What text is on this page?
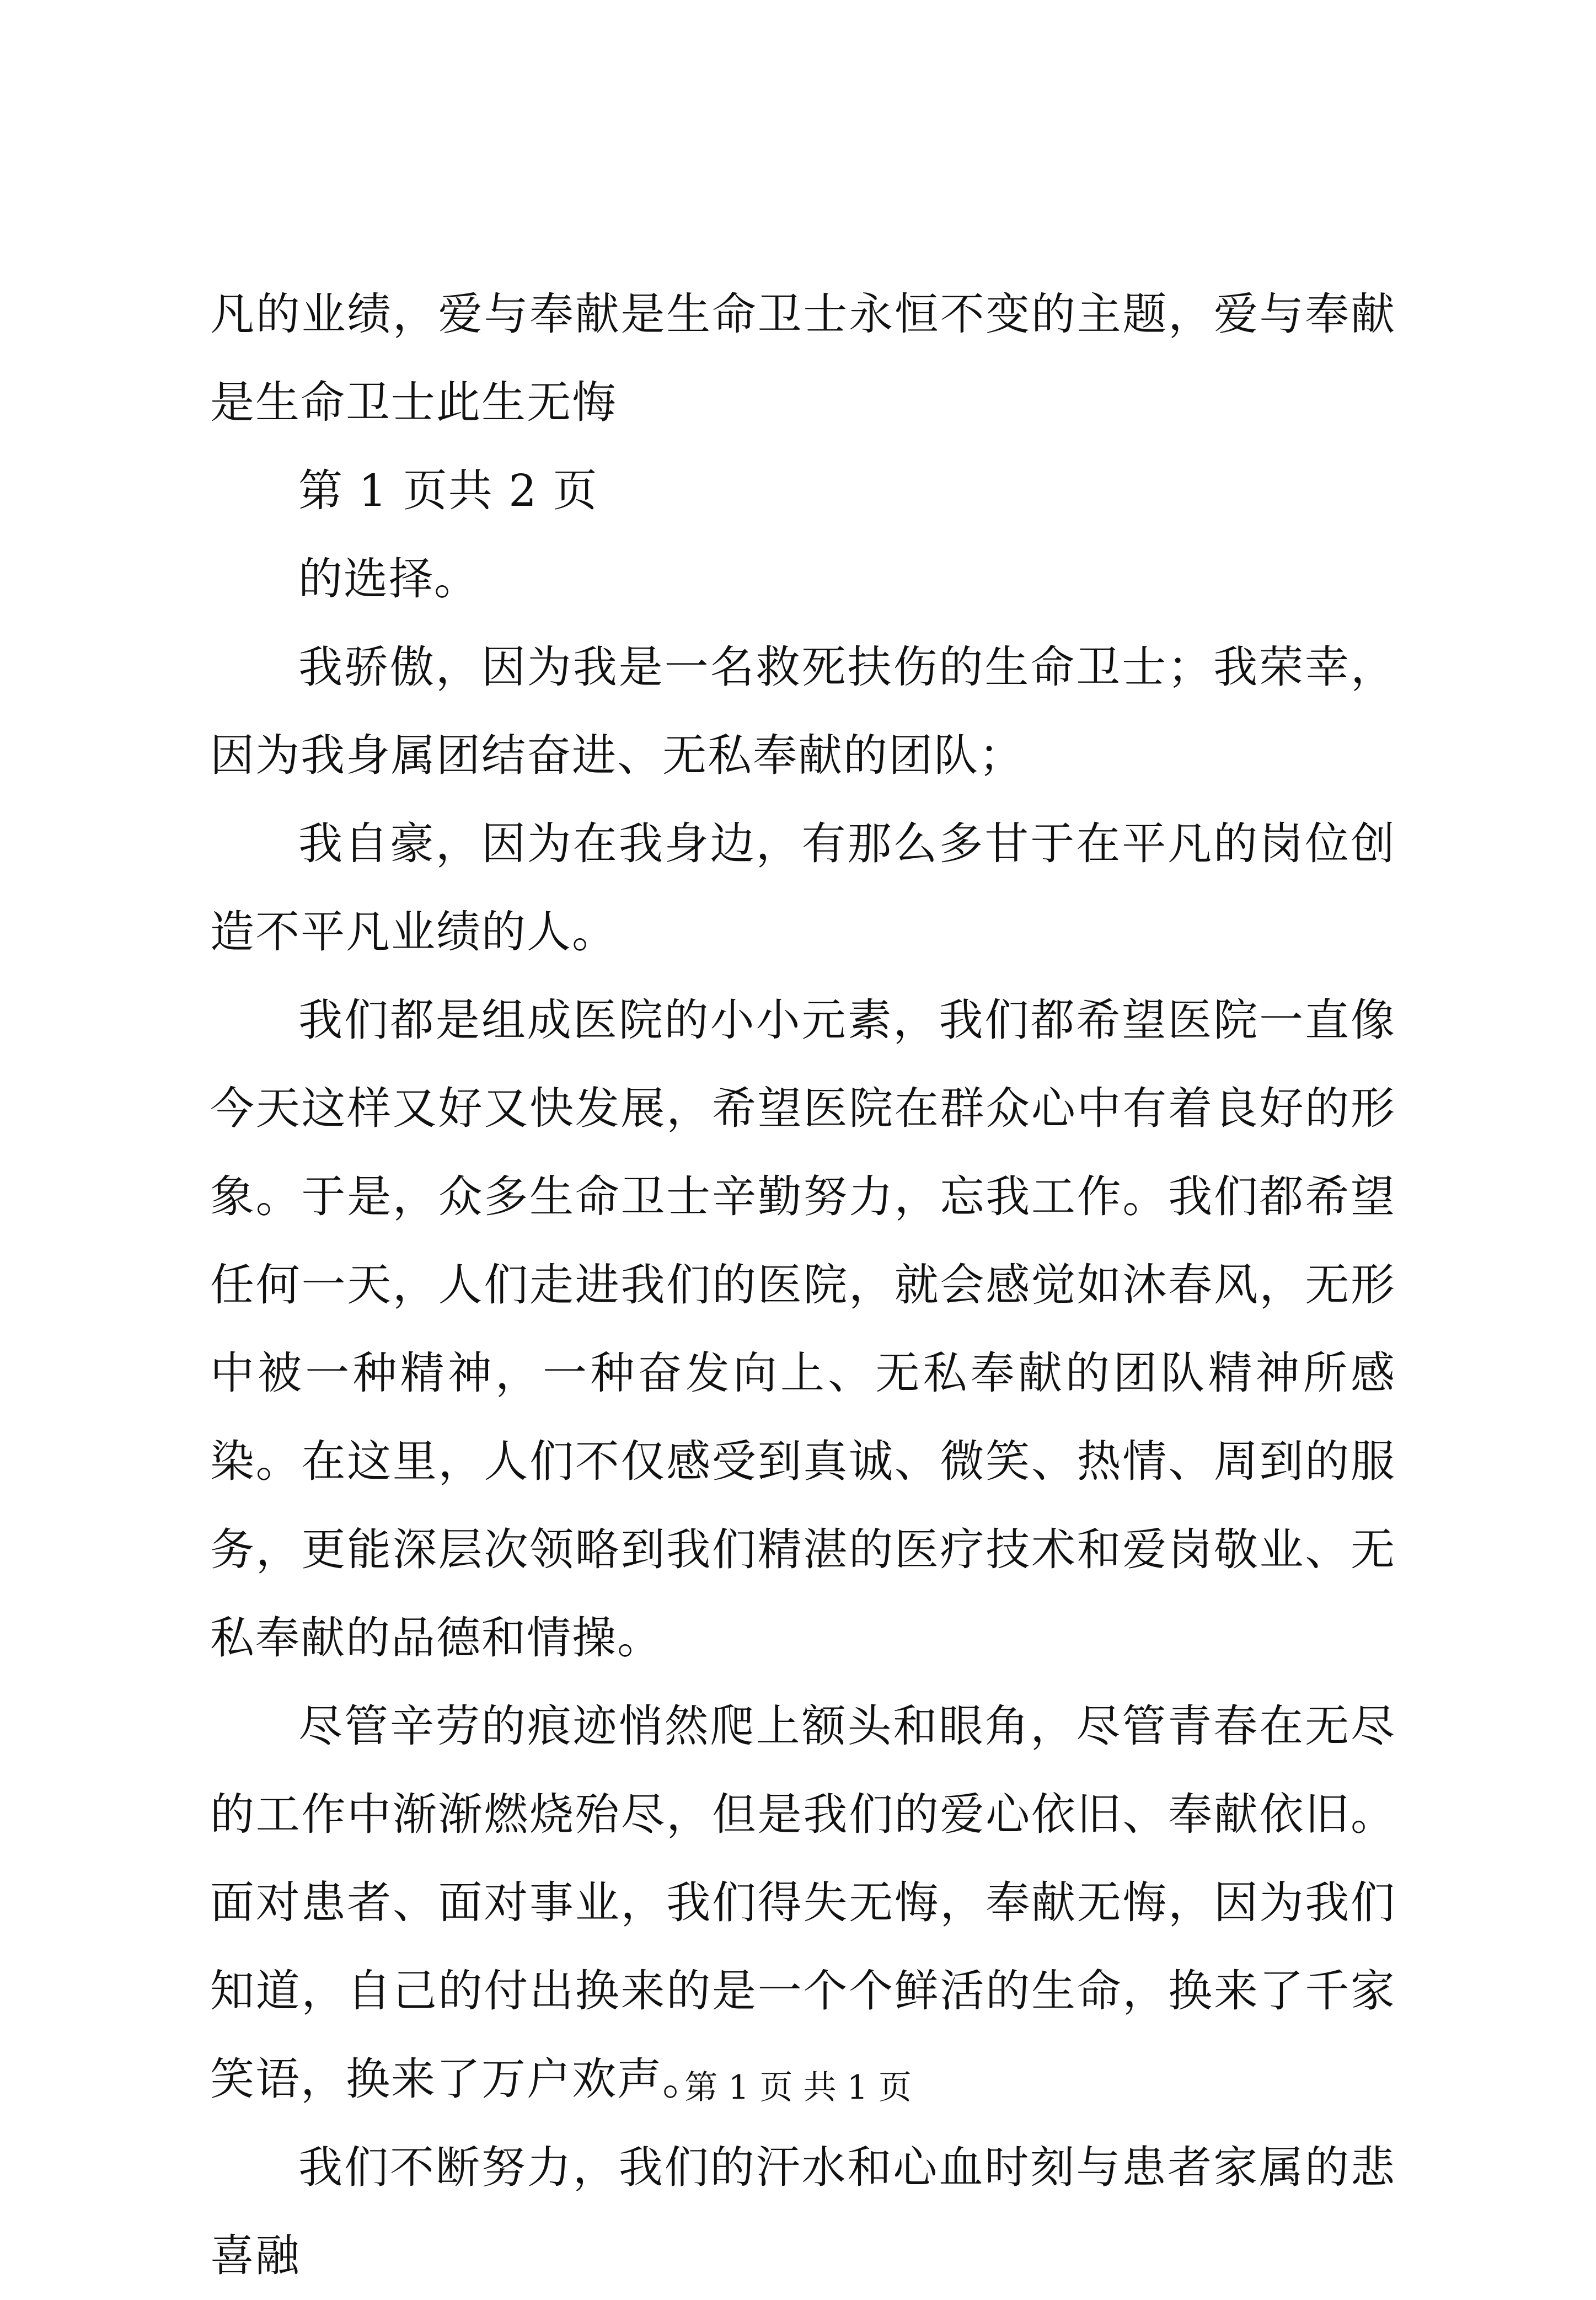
凡的业绩，爱与奉献是生命卫士永恒不变的主题，爱与奉献是生命卫士此生无悔

第 1 页共 2 页

的选择。

我骄傲，因为我是一名救死扶伤的生命卫士；我荣幸，因为我身属团结奋进、无私奉献的团队；

我自豪，因为在我身边，有那么多甘于在平凡的岗位创造不平凡业绩的人。

我们都是组成医院的小小元素，我们都希望医院一直像今天这样又好又快发展，希望医院在群众心中有着良好的形象。于是，众多生命卫士辛勤努力，忘我工作。我们都希望任何一天，人们走进我们的医院，就会感觉如沐春风，无形中被一种精神，一种奋发向上、无私奉献的团队精神所感染。在这里，人们不仅感受到真诚、微笑、热情、周到的服务，更能深层次领略到我们精湛的医疗技术和爱岗敬业、无私奉献的品德和情操。

尽管辛劳的痕迹悄然爬上额头和眼角，尽管青春在无尽的工作中渐渐燃烧殆尽，但是我们的爱心依旧、奉献依旧。面对患者、面对事业，我们得失无悔，奉献无悔，因为我们知道，自己的付出换来的是一个个鲜活的生命，换来了千家笑语，换来了万户欢声。

我们不断努力，我们的汗水和心血时刻与患者家属的悲喜融

第 1 页 共 1 页
